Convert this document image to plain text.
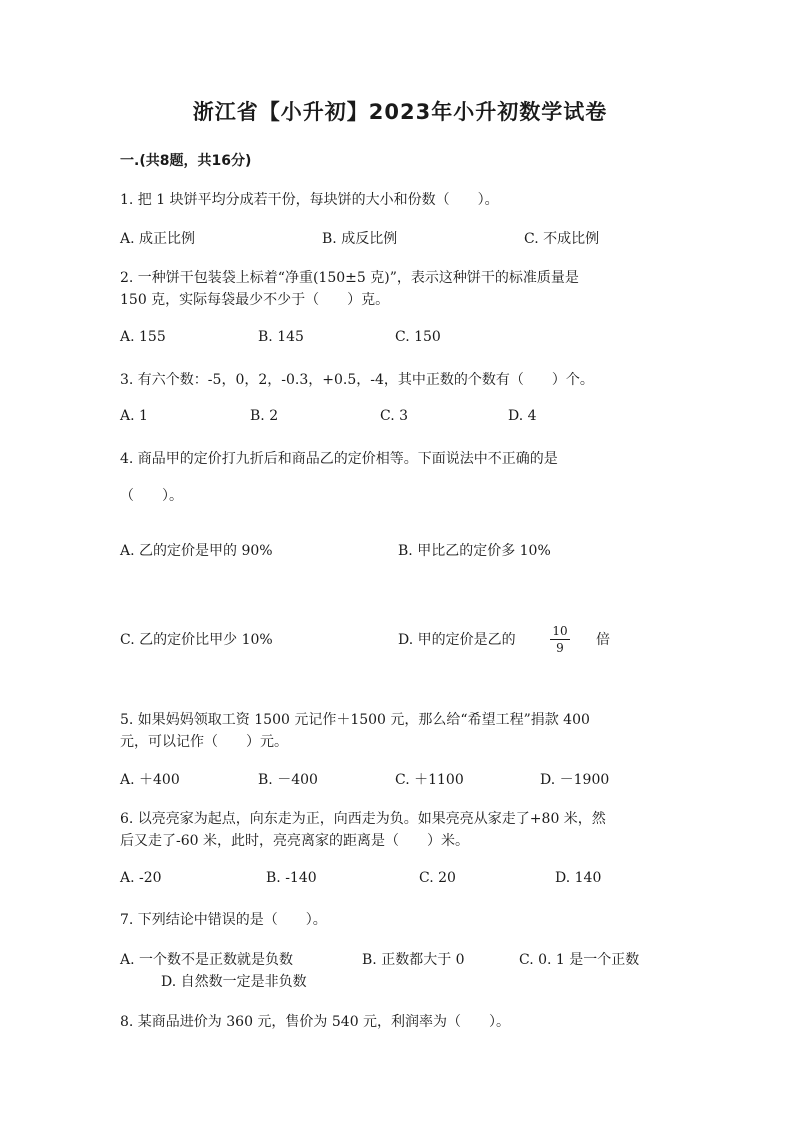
浙江省【小升初】2023年小升初数学试卷
一.(共8题，共16分)
1. 把 1 块饼平均分成若干份，每块饼的大小和份数（　　）。
A. 成正比例	B. 成反比例	C. 不成比例
2. 一种饼干包装袋上标着“净重(150±5 克)”，表示这种饼干的标准质量是
150 克，实际每袋最少不少于（　　）克。
A. 155	B. 145	C. 150
3. 有六个数：-5，0，2，-0.3，+0.5，-4，其中正数的个数有（　　）个。
A. 1	B. 2	C. 3	D. 4
4. 商品甲的定价打九折后和商品乙的定价相等。下面说法中不正确的是
（　　）。
A. 乙的定价是甲的 90%	B. 甲比乙的定价多 10%
C. 乙的定价比甲少 10%	D. 甲的定价是乙的
10
9	倍
5. 如果妈妈领取工资 1500 元记作＋1500 元，那么给“希望工程”捐款 400
元，可以记作（　　）元。
A. ＋400	B. －400	C. ＋1100	D. －1900
6. 以亮亮家为起点，向东走为正，向西走为负。如果亮亮从家走了+80 米，然
后又走了-60 米，此时，亮亮离家的距离是（　　）米。
A. -20	B. -140	C. 20	D. 140
7. 下列结论中错误的是（　　）。
A. 一个数不是正数就是负数	B. 正数都大于 0	C. 0. 1 是一个正数
D. 自然数一定是非负数
8. 某商品进价为 360 元，售价为 540 元，利润率为（　　）。
